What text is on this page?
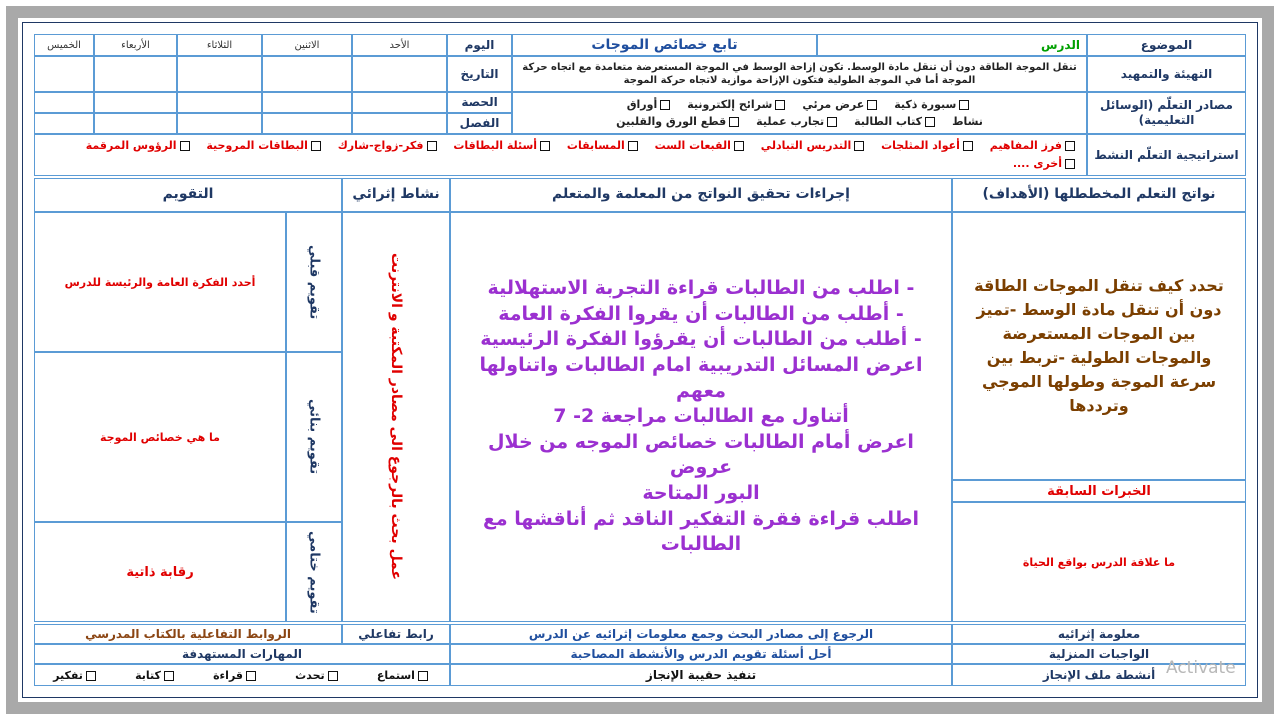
الموضوع
الدرس
تابع خصائص الموجات
اليوم
الأحد
الاثنين
الثلاثاء
الأربعاء
الخميس
التهيئة والتمهيد
تنقل الموجة الطاقة دون أن تنقل مادة الوسط. تكون إزاحة الوسط في الموجة المستعرضة متعامدة مع اتجاه حركة الموجة أما في الموجة الطولية فتكون الإزاحة موازية لاتجاه حركة الموجة
التاريخ
مصادر التعلّم (الوسائل التعليمية)
سبورة ذكية
عرض مرئي
شرائح إلكترونية
أوراق
نشاط
كتاب الطالبة
تجارب عملية
قطع الورق والقلبين
الحصة
الفصل
استراتيجية التعلّم النشط
فرز المفاهيم أعواد المثلجات التدريس التبادلي القبعات الست المسابقات أسئلة البطاقات فكر-زواج-شارك البطاقات المروحية الرؤوس المرقمة أخرى ....
نواتج التعلم المخططلها (الأهداف)
إجراءات تحقيق النواتج من المعلمة والمتعلم
نشاط إثرائي
التقويم
تحدد كيف تنقل الموجات الطاقة دون أن تنقل مادة الوسط -تميز بين الموجات المستعرضة والموجات الطولية -تربط بين سرعة الموجة وطولها الموجي وترددها
الخبرات السابقة
ما علاقة الدرس بواقع الحياة
- اطلب من الطالبات قراءة التجربة الاستهلالية
- أطلب من الطالبات أن يقروا الفكرة العامة
- أطلب من الطالبات أن يقرؤوا الفكرة الرئيسية
اعرض المسائل التدريبية امام الطالبات واتناولها معهم
أتناول مع الطالبات مراجعة 2- 7
اعرض أمام الطالبات خصائص الموجه من خلال عروض
البور المتاحة
اطلب قراءة فقرة التفكير الناقد ثم أناقشها مع الطالبات
عمل بحث بالرجوع الى مصادر المكتبة و الانترنت
تقويم قبلي
أحدد الفكرة العامة والرئيسة للدرس
تقويم بنائي
ما هي خصائص الموجة
تقويم ختامي
رقابة ذاتية
معلومة إثرائيه
الرجوع إلى مصادر البحث وجمع معلومات إثرائيه عن الدرس
رابط تفاعلي
الروابط التفاعلية بالكتاب المدرسي
الواجبات المنزلية
أحل أسئلة تقويم الدرس والأنشطة المصاحبة
المهارات المستهدفة
أنشطة ملف الإنجاز
تنفيذ حقيبة الإنجاز
استماع
تحدث
قراءة
كتابة
تفكير	Activate
